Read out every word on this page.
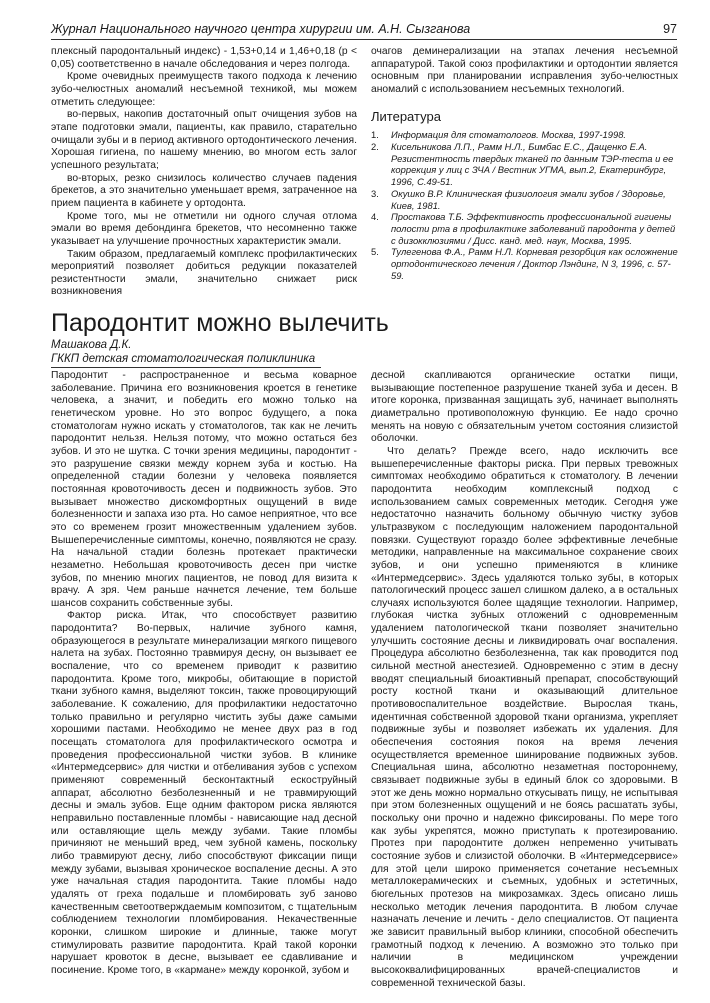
Журнал Национального научного центра хирургии им. А.Н. Сызганова	97

плексный пародонтальный индекс) - 1,53+0,14 и 1,46+0,18 (р < 0,05) соответственно в начале обследования и через полгода.

Кроме очевидных преимуществ такого подхода к лечению зубо-челюстных аномалий несъемной техникой, мы можем отметить следующее:

во-первых, накопив достаточный опыт очищения зубов на этапе подготовки эмали, пациенты, как правило, старательно очищали зубы и в период активного ортодонтического лечения. Хорошая гигиена, по нашему мнению, во многом есть залог успешного результата;

во-вторых, резко снизилось количество случаев падения брекетов, а это значительно уменьшает время, затраченное на прием пациента в кабинете у ортодонта.

Кроме того, мы не отметили ни одного случая отлома эмали во время дебондинга брекетов, что несомненно также указывает на улучшение прочностных характеристик эмали.

Таким образом, предлагаемый комплекс профилактических мероприятий позволяет добиться редукции показателей резистентности эмали, значительно снижает риск возникновения

очагов деминерализации на этапах лечения несъемной аппаратурой. Такой союз профилактики и ортодонтии является основным при планировании исправления зубо-челюстных аномалий с использованием несъемных технологий.

Литература
1. Информация для стоматологов. Москва, 1997-1998.
2. Кисельникова Л.П., Рамм Н.Л., Бимбас Е.С., Дащенко Е.А. Резистентность твердых тканей по данным ТЭР-теста и ее коррекция у лиц с ЗЧА / Вестник УГМА, вып.2, Екатеринбург, 1996, С.49-51.
3. Окушко В.Р. Клиническая физиология эмали зубов / Здоровье, Киев, 1981.
4. Простакова Т.Б. Эффективность профессиональной гигиены полости рта в профилактике заболеваний пародонта у детей с дизокклюзиями / Дисс. канд. мед. наук, Москва, 1995.
5. Тулегенова Ф.А., Рамм Н.Л. Корневая резорбция как осложнение ортодонтического лечения / Доктор Лэндинг, N 3, 1996, с. 57-59.
Пародонтит можно вылечить
Машакова Д.К.
ГККП детская стоматологическая поликлиника

Пародонтит - распространенное и весьма коварное заболевание. Причина его возникновения кроется в генетике человека, а значит, и победить его можно только на генетическом уровне. Но это вопрос будущего, а пока стоматологам нужно искать у стоматологов, так как не лечить пародонтит нельзя. Нельзя потому, что можно остаться без зубов. И это не шутка. С точки зрения медицины, пародонтит - это разрушение связки между корнем зуба и костью. На определенной стадии болезни у человека появляется постоянная кровоточивость десен и подвижность зубов. Это вызывает множество дискомфортных ощущений в виде болезненности и запаха изо рта. Но самое неприятное, что все это со временем грозит множественным удалением зубов. Вышеперечисленные симптомы, конечно, появляются не сразу. На начальной стадии болезнь протекает практически незаметно. Небольшая кровоточивость десен при чистке зубов, по мнению многих пациентов, не повод для визита к врачу. А зря. Чем раньше начнется лечение, тем больше шансов сохранить собственные зубы.

Фактор риска. Итак, что способствует развитию пародонтита? Во-первых, наличие зубного камня, образующегося в результате минерализации мягкого пищевого налета на зубах. Постоянно травмируя десну, он вызывает ее воспаление, что со временем приводит к развитию пародонтита. Кроме того, микробы, обитающие в пористой ткани зубного камня, выделяют токсин, также провоцирующий заболевание. К сожалению, для профилактики недостаточно только правильно и регулярно чистить зубы даже самыми хорошими пастами. Необходимо не менее двух раз в год посещать стоматолога для профилактического осмотра и проведения профессиональной чистки зубов. В клинике «Интермедсервис» для чистки и отбеливания зубов с успехом применяют современный бесконтактный ескоструйный аппарат, абсолютно безболезненный и не травмирующий десны и эмаль зубов. Еще одним фактором риска являются неправильно поставленные пломбы - нависающие над десной или оставляющие щель между зубами. Такие пломбы причиняют не меньший вред, чем зубной камень, поскольку либо травмируют десну, либо способствуют фиксации пищи между зубами, вызывая хроническое воспаление десны. А это уже начальная стадия пародонтита. Такие пломбы надо удалять от греха подальше и пломбировать зуб заново качественным светоотверждаемым композитом, с тщательным соблюдением технологии пломбирования. Некачественные коронки, слишком широкие и длинные, также могут стимулировать развитие пародонтита. Край такой коронки нарушает кровоток в десне, вызывает ее сдавливание и посинение. Кроме того, в «кармане» между коронкой, зубом и

десной скапливаются органические остатки пищи, вызывающие постепенное разрушение тканей зуба и десен. В итоге коронка, призванная защищать зуб, начинает выполнять диаметрально противоположную функцию. Ее надо срочно менять на новую с обязательным учетом состояния слизистой оболочки.

Что делать? Прежде всего, надо исключить все вышеперечисленные факторы риска. При первых тревожных симптомах необходимо обратиться к стоматологу. В лечении пародонтита необходим комплексный подход с использованием самых современных методик. Сегодня уже недостаточно назначить больному обычную чистку зубов ультразвуком с последующим наложением пародонтальной повязки. Существуют гораздо более эффективные лечебные методики, направленные на максимальное сохранение своих зубов, и они успешно применяются в клинике «Интермедсервис». Здесь удаляются только зубы, в которых патологический процесс зашел слишком далеко, а в остальных случаях используются более щадящие технологии. Например, глубокая чистка зубных отложений с одновременным удалением патологической ткани позволяет значительно улучшить состояние десны и ликвидировать очаг воспаления. Процедура абсолютно безболезненна, так как проводится под сильной местной анестезией. Одновременно с этим в десну вводят специальный биоактивный препарат, способствующий росту костной ткани и оказывающий длительное противовоспалительное воздействие. Вырослая ткань, идентичная собственной здоровой ткани организма, укрепляет подвижные зубы и позволяет избежать их удаления. Для обеспечения состояния покоя на время лечения осуществляется временное шинирование подвижных зубов. Специальная шина, абсолютно незаметная постороннему, связывает подвижные зубы в единый блок со здоровыми. В этот же день можно нормально откусывать пищу, не испытывая при этом болезненных ощущений и не боясь расшатать зубы, поскольку они прочно и надежно фиксированы. По мере того как зубы укрепятся, можно приступать к протезированию. Протез при пародонтите должен непременно учитывать состояние зубов и слизистой оболочки. В «Интермедсервисе» для этой цели широко применяется сочетание несъемных металлокерамических и съемных, удобных и эстетичных, бюгельных протезов на микрозамках. Здесь описано лишь несколько методик лечения пародонтита. В любом случае назначать лечение и лечить - дело специалистов. От пациента же зависит правильный выбор клиники, способной обеспечить грамотный подход к лечению. А возможно это только при наличии в медицинском учреждении высококвалифицированных врачей-специалистов и современной технической базы.
